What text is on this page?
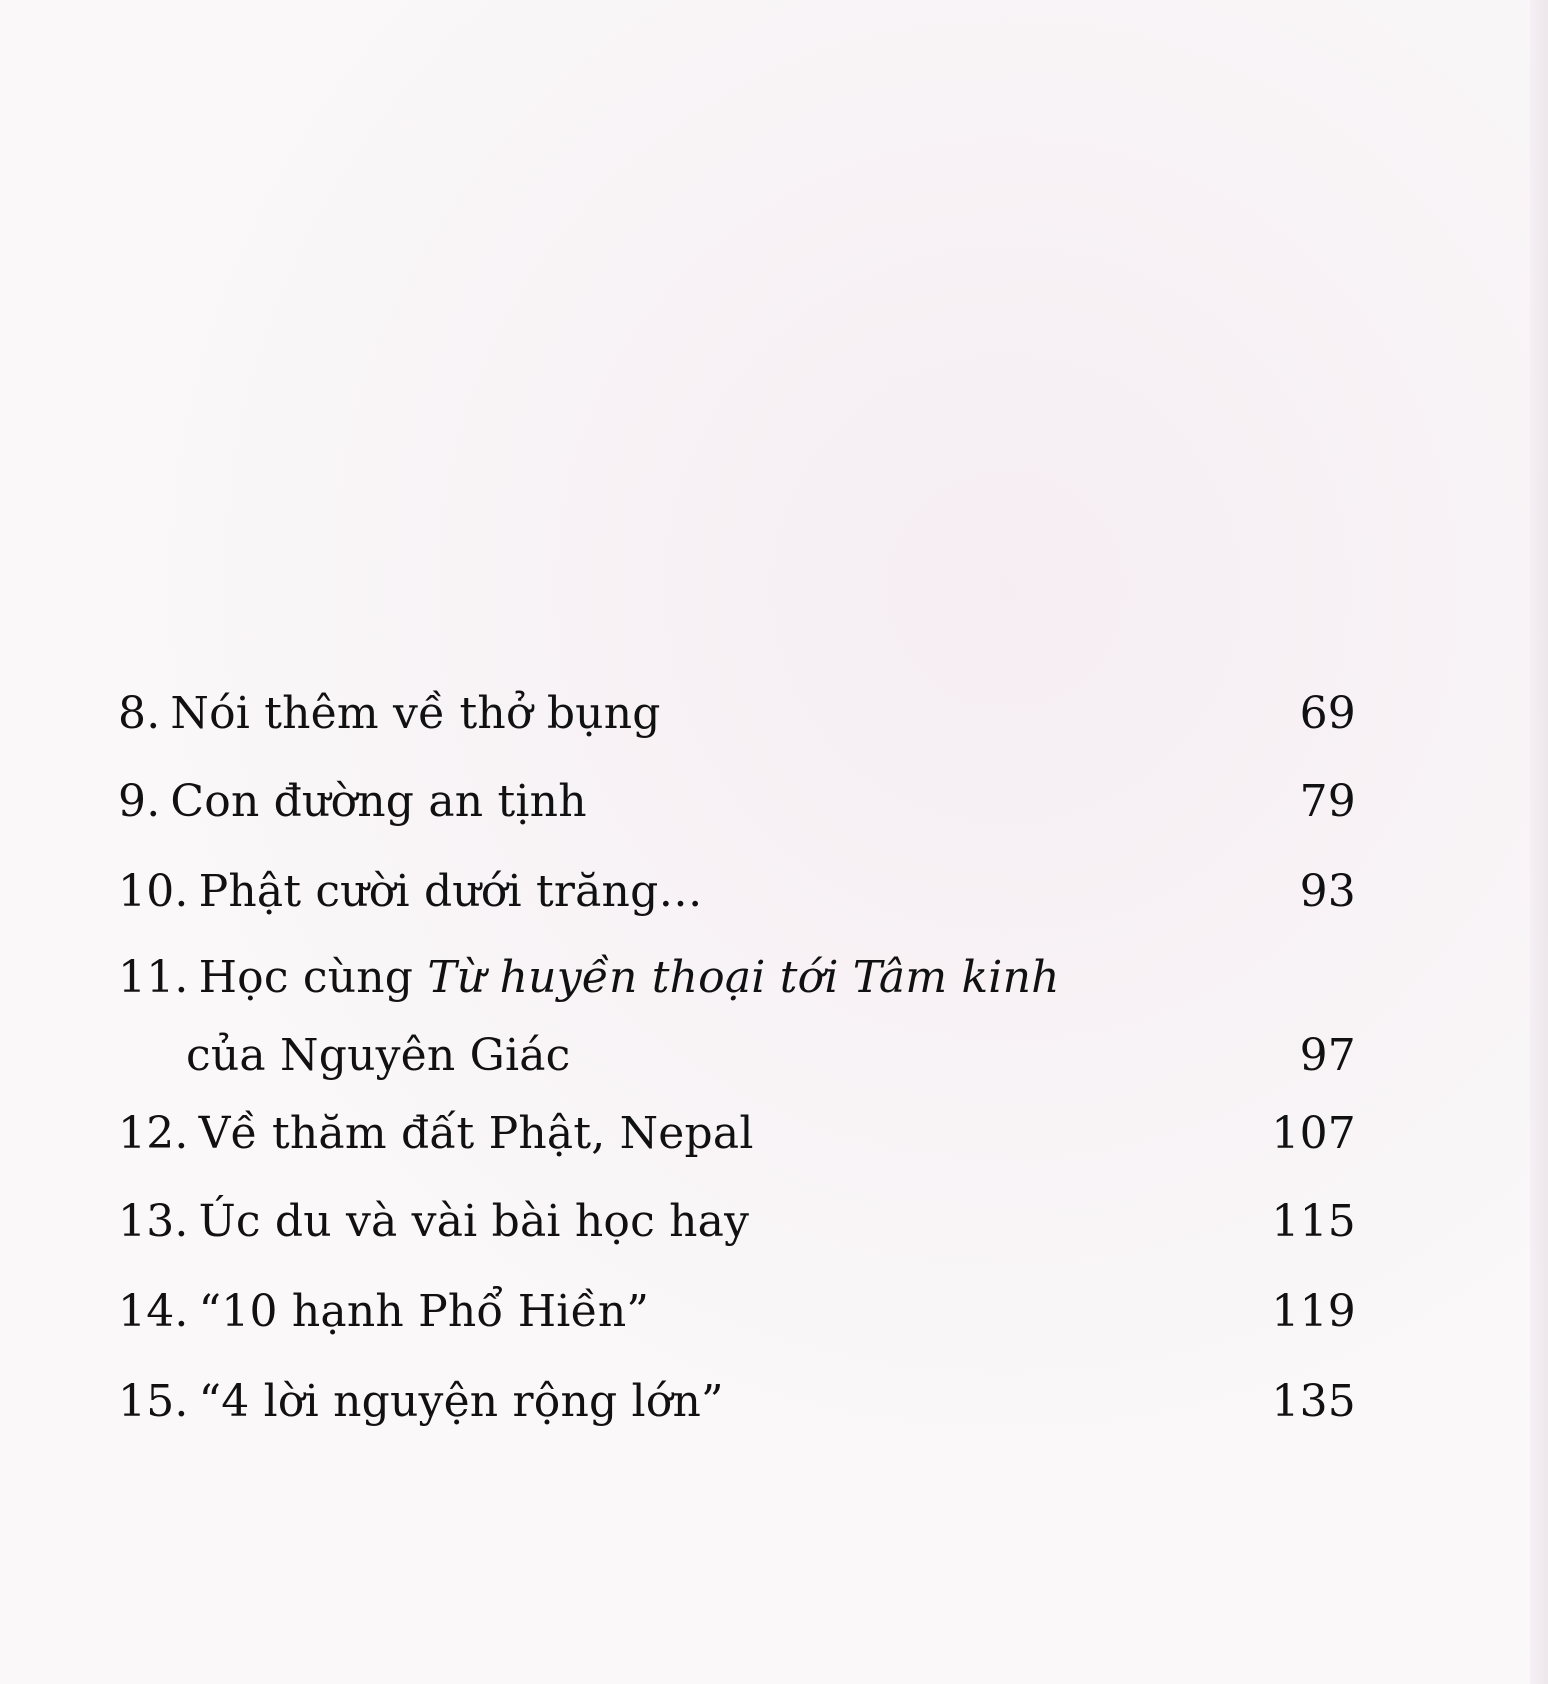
8. Nói thêm về thở bụng	69
9. Con đường an tịnh	79
10. Phật cười dưới trăng…	93
11. Học cùng Từ huyền thoại tới Tâm kinh
của Nguyên Giác	97
12. Về thăm đất Phật, Nepal	107
13. Úc du và vài bài học hay	115
14. “10 hạnh Phổ Hiền”	119
15. “4 lời nguyện rộng lớn”	135
